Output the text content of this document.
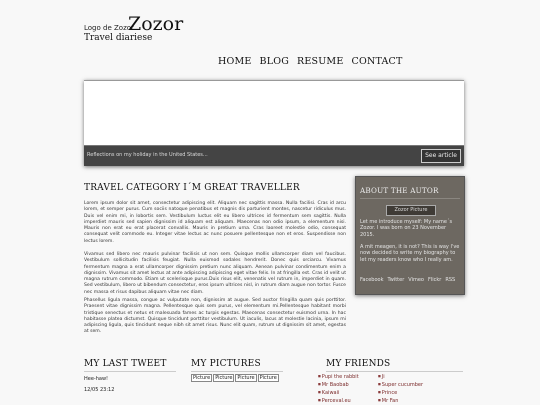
Logo de Zozor
Zozor
Travel diariese
HOME BLOG RESUME CONTACT
Reflections on my holiday in the United States...	See article
TRAVEL CATEGORY I´M GREAT TRAVELLER
Lorem ipsum dolor sit amet, consectetur adipiscing elit. Aliquam nec sagittis massa. Nulla facilisi. Cras id arcu lorem, et semper purus. Cum sociis natoque penatibus et magnis dis parturient montes, nascetur ridiculus mus. Duis vel enim mi, in lobortis sem. Vestibulum luctus elit eu libero ultrices id fermentum sem sagittis. Nulla imperdiet mauris sed sapien dignissim id aliquam est aliquam. Maecenas non odio ipsum, a elementum nisi. Mauris non erat eu erat placerat convallis. Mauris in pretium urna. Cras laoreet molestie odio, consequat consequat velit commodo eu. Integer vitae lectus ac nunc posuere pellentesque non et eros. Suspendisse non lectus lorem.
Vivamus sed libero nec mauris pulvinar facilisis ut non sem. Quisque mollis ullamcorper diam vel faucibus. Vestibulum sollicitudin facilisis feugiat. Nulla euismod sodales hendrerit. Donec quis orciarcu. Vivamus fermentum magna a erat ullamcorper dignissim pretium nunc aliquam. Aenean pulvinar condimentum enim a dignissim. Vivamus sit amet lectus at ante adipiscing adipiscing eget vitae felis. In at fringilla est. Cras id velit ut magna rutrum commodo. Etiam ut scelerisque purus.Duis risus elit, venenatis vel rutrum in, imperdiet in quam. Sed vestibulum, libero ut bibendum consectetur, eros ipsum ultrices nisl, in rutrum diam augue non tortor. Fusce nec massa et risus dapibus aliquam vitae nec diam.
Phasellus ligula massa, congue ac vulputate non, dignissim at augue. Sed auctor fringilla quam quis porttitor. Praesent vitae dignissim magna. Pellentesque quis sem purus, vel elementum mi.Pellentesque habitant morbi tristique senectus et netus et malesuada fames ac turpis egestas. Maecenas consectetur euismod urna. In hac habitasse platea dictumst. Quisque tincidunt porttitor vestibulum. Ut iaculis, lacus at molestie lacinia, ipsum mi adipiscing ligula, quis tincidunt neque nibh sit amet risus. Nunc elit quam, rutrum ut dignissim sit amet, egestas at sem.
ABOUT THE AUTOR
Zozor Picture
Let me introduce myself: My name´s Zozor. I was born on 23 November 2015.
A mit meagen, it is not? This is way I've now decided to write my biography to let my readers know who I really am.
Facebook Twitter Vimeo Flickr RSS
MY LAST TWEET
Hee-haw!
12/05 23:12
MY PICTURES
Picture	Picture	Picture	Picture
MY FRIENDS
■ Pupi the rabbit
■ Mr Baobab
■ Kaiwaii
■ Perceval.eu
■ Ji
■ Super cucumber
■ Prince
■ Mr Fan
